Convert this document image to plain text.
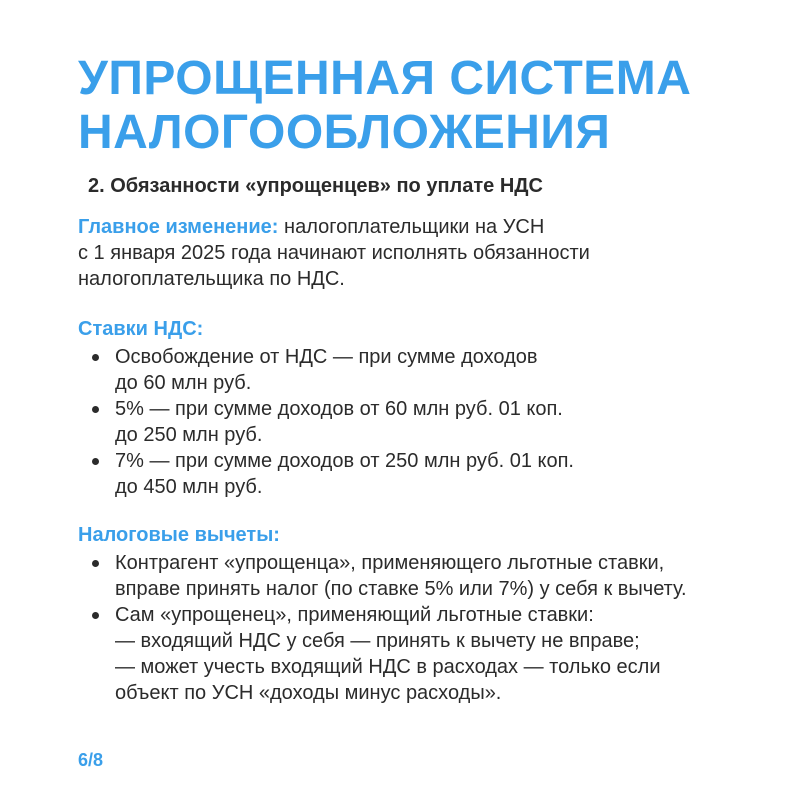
УПРОЩЕННАЯ СИСТЕМА
НАЛОГООБЛОЖЕНИЯ
2. Обязанности «упрощенцев» по уплате НДС

Главное изменение: налогоплательщики на УСН
с 1 января 2025 года начинают исполнять обязанности
налогоплательщика по НДС.

Ставки НДС:
Освобождение от НДС — при сумме доходов
до 60 млн руб.
5% — при сумме доходов от 60 млн руб. 01 коп.
до 250 млн руб.
7% — при сумме доходов от 250 млн руб. 01 коп.
до 450 млн руб.
Налоговые вычеты:
Контрагент «упрощенца», применяющего льготные ставки,
вправе принять налог (по ставке 5% или 7%) у себя к вычету.
Сам «упрощенец», применяющий льготные ставки:
— входящий НДС у себя — принять к вычету не вправе;
— может учесть входящий НДС в расходах — только если
объект по УСН «доходы минус расходы».
6/8
